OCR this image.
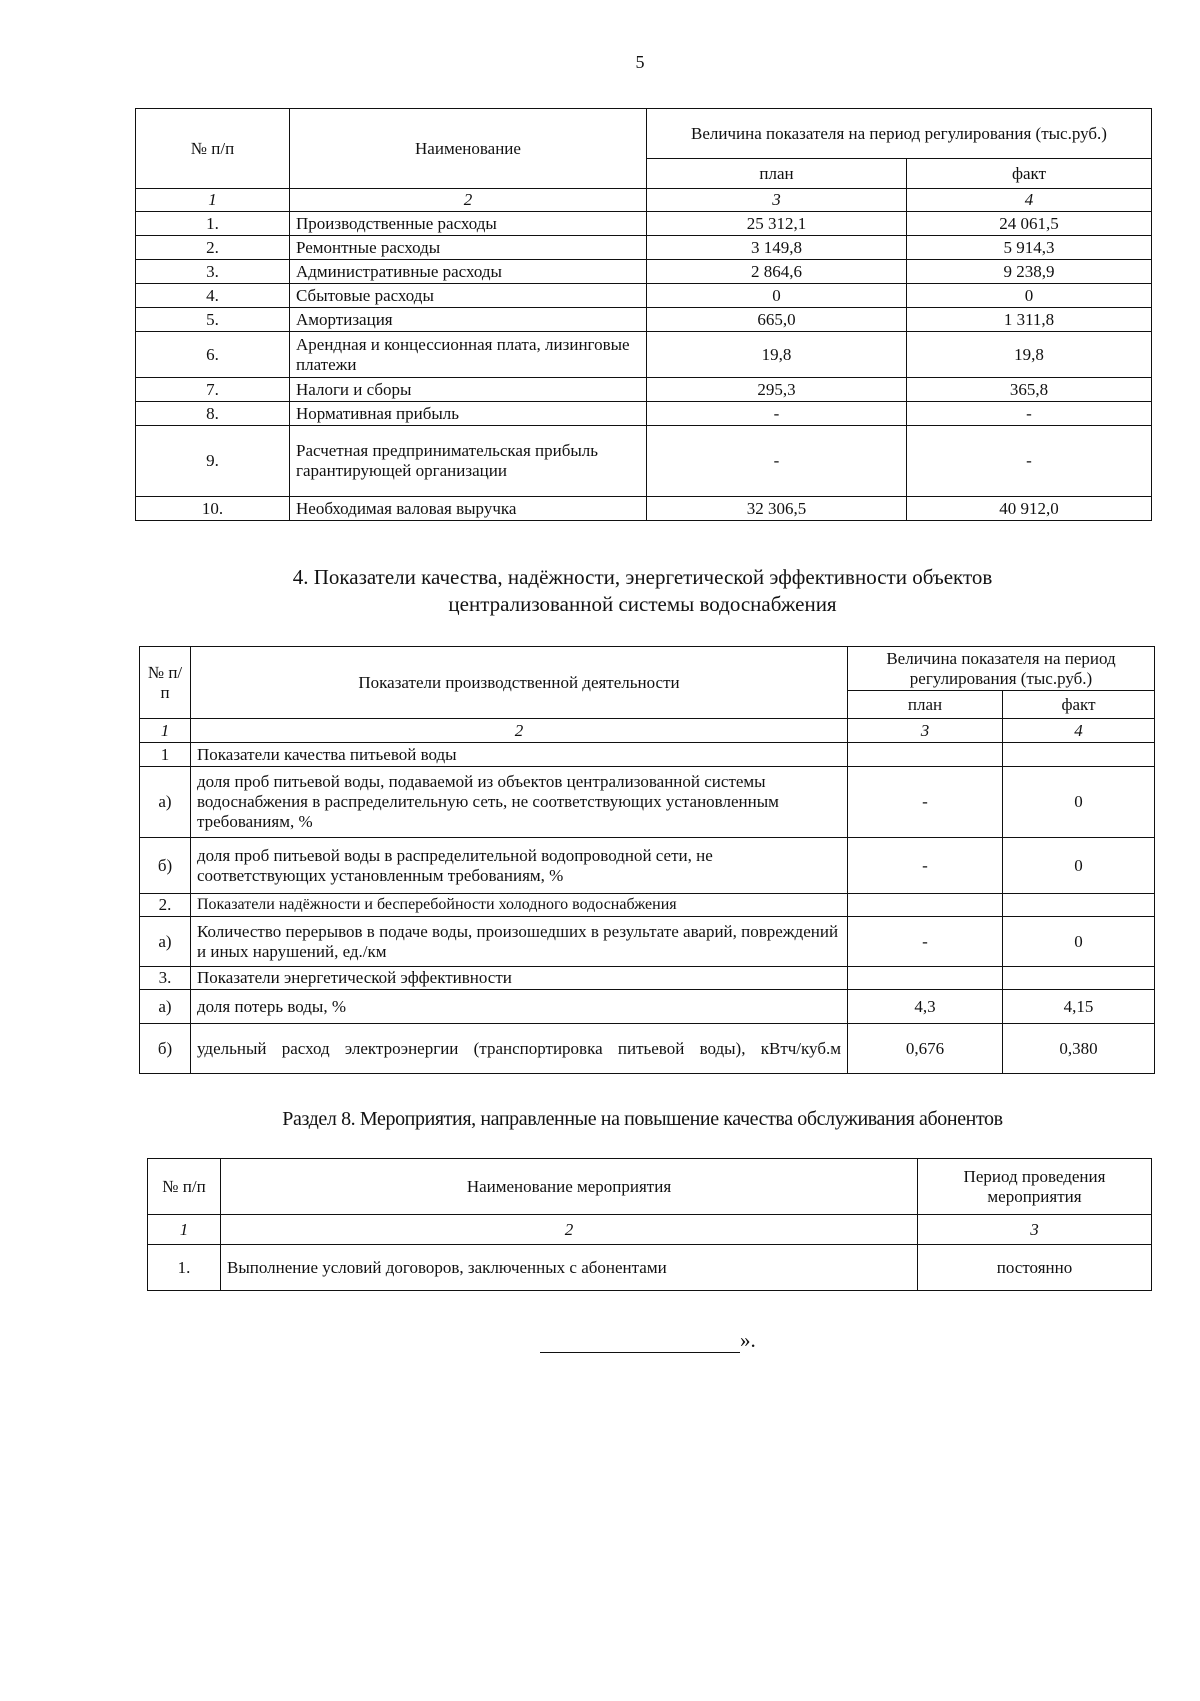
5
№ п/п	Наименование	Величина показателя на период регулирования (тыс.руб.)	
		план	факт
1	2	3	4
1.	Производственные расходы	25 312,1	24 061,5
2.	Ремонтные расходы	3 149,8	5 914,3
3.	Административные расходы	2 864,6	9 238,9
4.	Сбытовые расходы	0	0
5.	Амортизация	665,0	1 311,8
6.	Арендная и концессионная плата, лизинговые платежи	19,8	19,8
7.	Налоги и сборы	295,3	365,8
8.	Нормативная прибыль	-	-
9.	Расчетная предпринимательская прибыль гарантирующей организации	-	-
10.	Необходимая валовая выручка	32 306,5	40 912,0
4. Показатели качества, надёжности, энергетической эффективности объектов
централизованной системы водоснабжения
№ п/п	Показатели производственной деятельности	Величина показателя на период регулирования (тыс.руб.)	
		план	факт
1	2	3	4
1	Показатели качества питьевой воды		
а)	доля проб питьевой воды, подаваемой из объектов централизованной системы водоснабжения в распределительную сеть, не соответствующих установленным требованиям, %	-	0
б)	доля проб питьевой воды в распределительной водопроводной сети, не соответствующих установленным требованиям, %	-	0
2.	Показатели надёжности и бесперебойности холодного водоснабжения		
а)	Количество перерывов в подаче воды, произошедших в результате аварий, повреждений и иных нарушений, ед./км	-	0
3.	Показатели энергетической эффективности		
а)	доля потерь воды, %	4,3	4,15
б)	удельный расход электроэнергии (транспортировка питьевой воды), кВтч/куб.м	0,676	0,380
Раздел 8. Мероприятия, направленные на повышение качества обслуживания абонентов
№ п/п	Наименование мероприятия	Период проведения мероприятия
1	2	3
1.	Выполнение условий договоров, заключенных с абонентами	постоянно
».
